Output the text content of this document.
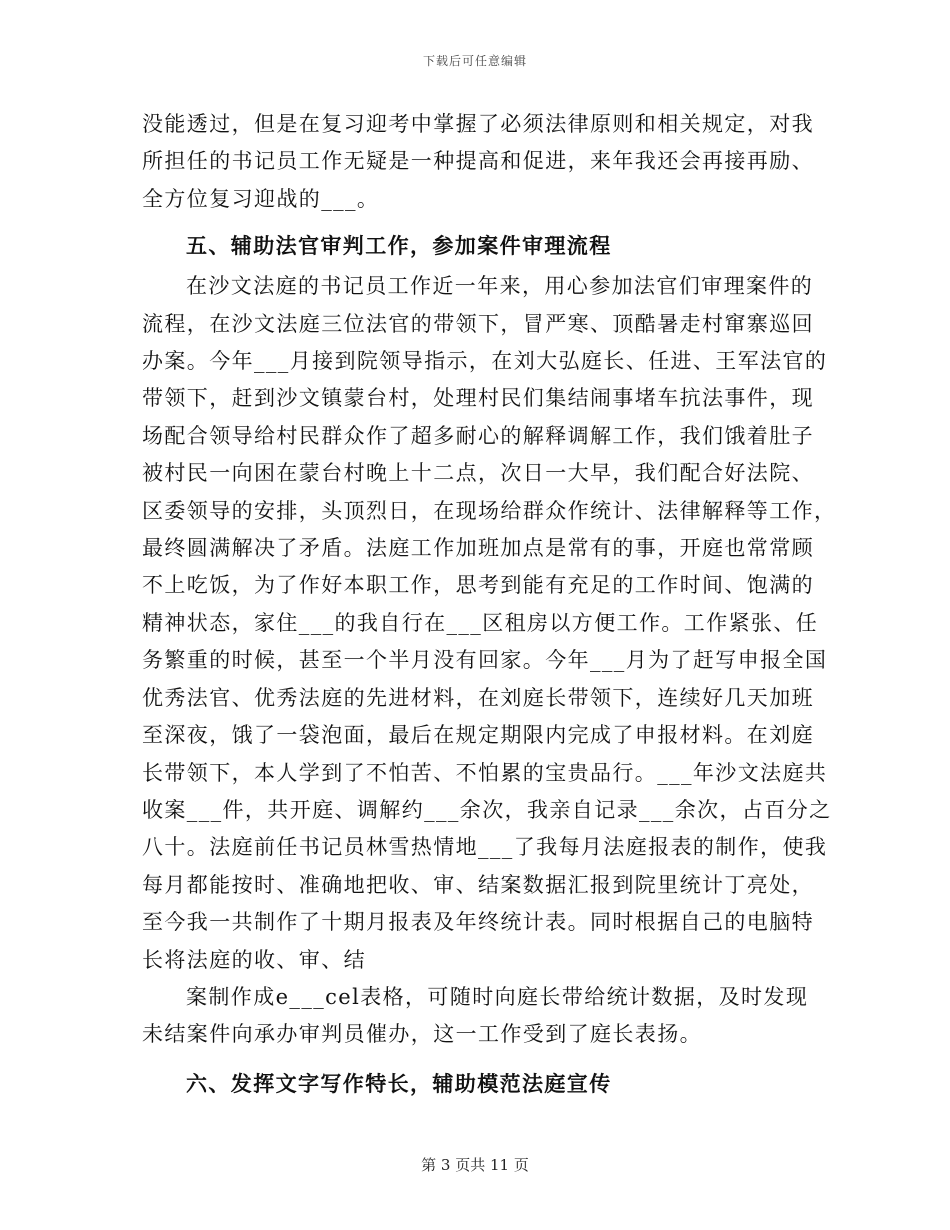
下载后可任意编辑
没能透过，但是在复习迎考中掌握了必须法律原则和相关规定，对我
所担任的书记员工作无疑是一种提高和促进，来年我还会再接再励、
全方位复习迎战的___。
五、辅助法官审判工作，参加案件审理流程
在沙文法庭的书记员工作近一年来，用心参加法官们审理案件的
流程，在沙文法庭三位法官的带领下，冒严寒、顶酷暑走村窜寨巡回
办案。今年___月接到院领导指示，在刘大弘庭长、任进、王军法官的
带领下，赶到沙文镇蒙台村，处理村民们集结闹事堵车抗法事件，现
场配合领导给村民群众作了超多耐心的解释调解工作，我们饿着肚子
被村民一向困在蒙台村晚上十二点，次日一大早，我们配合好法院、
区委领导的安排，头顶烈日，在现场给群众作统计、法律解释等工作，
最终圆满解决了矛盾。法庭工作加班加点是常有的事，开庭也常常顾
不上吃饭，为了作好本职工作，思考到能有充足的工作时间、饱满的
精神状态，家住___的我自行在___区租房以方便工作。工作紧张、任
务繁重的时候，甚至一个半月没有回家。今年___月为了赶写申报全国
优秀法官、优秀法庭的先进材料，在刘庭长带领下，连续好几天加班
至深夜，饿了一袋泡面，最后在规定期限内完成了申报材料。在刘庭
长带领下，本人学到了不怕苦、不怕累的宝贵品行。___年沙文法庭共
收案___件，共开庭、调解约___余次，我亲自记录___余次，占百分之
八十。法庭前任书记员林雪热情地___了我每月法庭报表的制作，使我
每月都能按时、准确地把收、审、结案数据汇报到院里统计丁亮处，
至今我一共制作了十期月报表及年终统计表。同时根据自己的电脑特
长将法庭的收、审、结
案制作成e___cel表格，可随时向庭长带给统计数据，及时发现
未结案件向承办审判员催办，这一工作受到了庭长表扬。
六、发挥文字写作特长，辅助模范法庭宣传
第 3 页共 11 页
